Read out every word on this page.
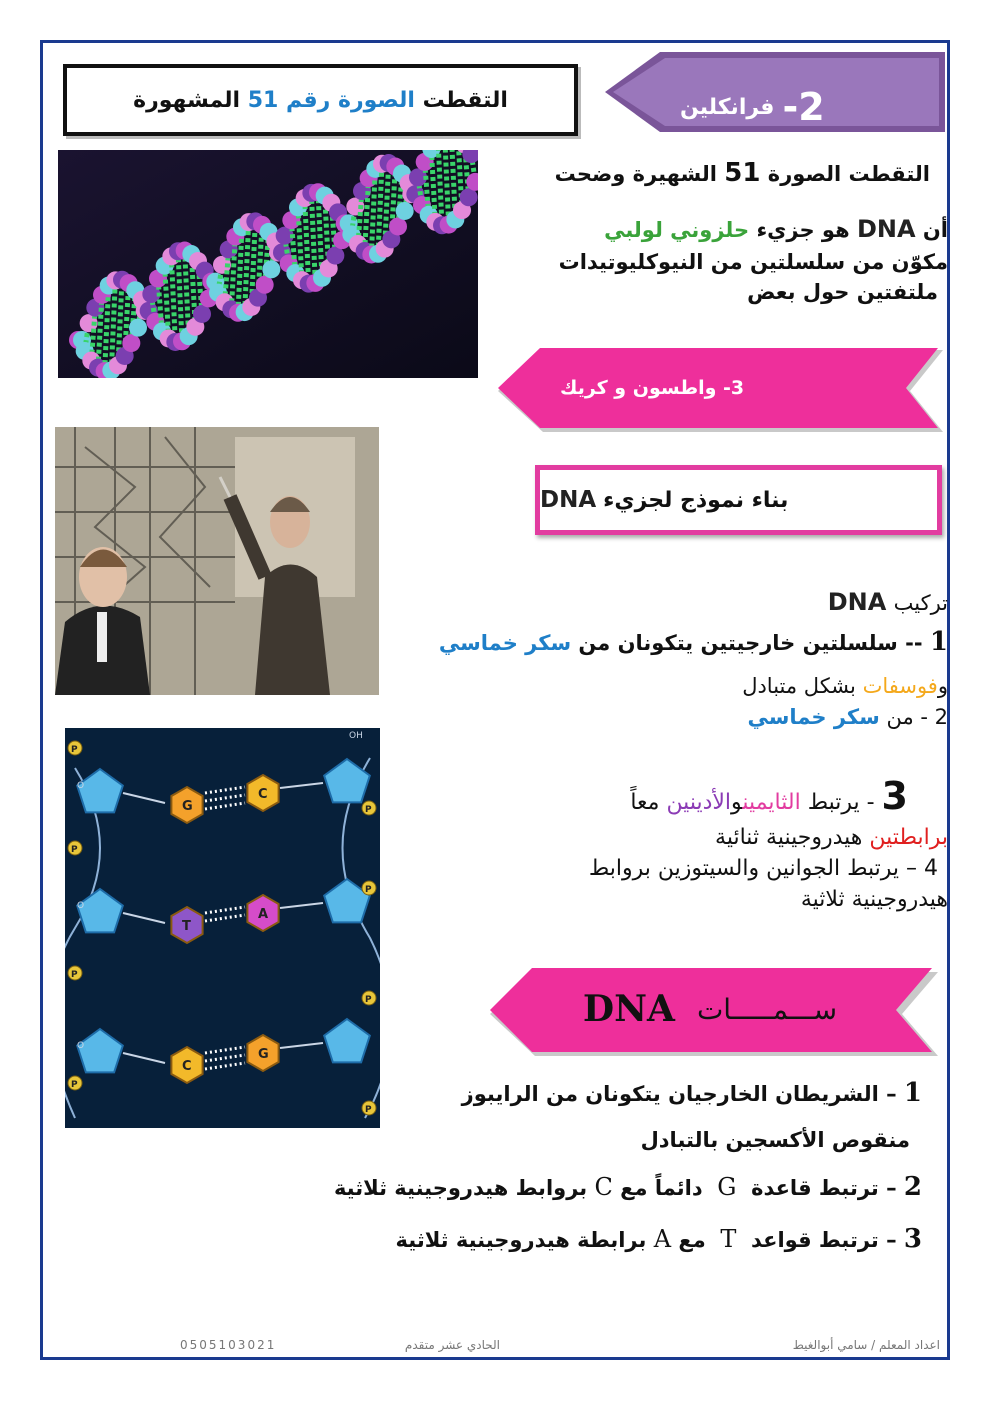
التقطت

الصورة رقم

51

المشهورة	2-
فرانكلين
التقطت الصورة 51 الشهيرة وضحت
أن DNA هو جزيء حلزوني لولبي
مكوّن من سلسلتين من النيوكليوتيدات
ملتفتين حول بعض
3- واطسون و كريك
بناء نموذج لجزيء

DNA
تركيب DNA
1 -- سلسلتين خارجيتين يتكونان من سكر خماسي
وفوسفات بشكل متبادل
2 - من سكر خماسي
3 - يرتبط الثايمينوالأدينين معاً
برابطتين هيدروجينية ثنائية
4 – يرتبط الجوانين والسيتوزين بروابط
هيدروجينية ثلاثية
O
G
C
O
T
A
O
C
G
OH
P
P
P
P
P
P
P
P
DNA ســـمـــــات
1 – الشريطان الخارجيان يتكونان من الرايبوز
منقوص الأكسجين بالتبادل
2 – ترتبط قاعدة  G  دائماً مع C بروابط هيدروجينية ثلاثية
3 – ترتبط قواعد  T  مع A برابطة هيدروجينية ثلاثية
اعداد المعلم / سامي أبوالغيط
الحادي عشر متقدم
0505103021
